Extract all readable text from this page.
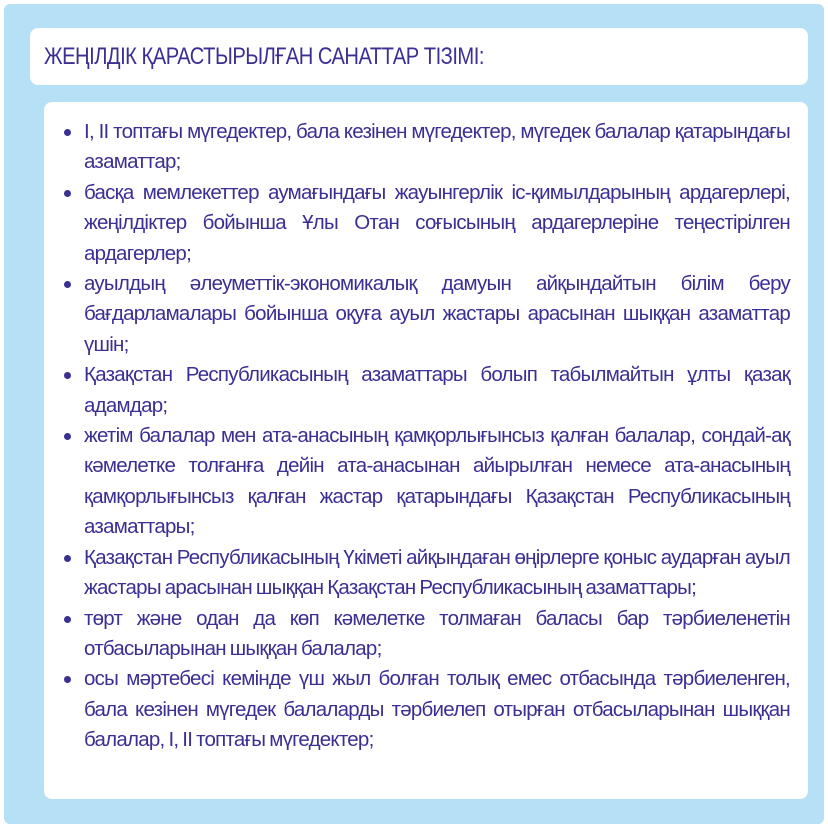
ЖЕҢІЛДІК ҚАРАСТЫРЫЛҒАН САНАТТАР ТІЗІМІ:
І, ІІ топтағы мүгедектер, бала кезінен мүгедектер, мүгедек балалар қатарындағы азаматтар;
басқа мемлекеттер аумағындағы жауынгерлік іс-қимылдарының ардагерлері, жеңілдіктер бойынша Ұлы Отан соғысының ардагерлеріне теңестірілген ардагерлер;
ауылдың әлеуметтік-экономикалық дамуын айқындайтын білім беру бағдарламалары бойынша оқуға ауыл жастары арасынан шыққан азаматтар үшін;
Қазақстан Республикасының азаматтары болып табылмайтын ұлты қазақ адамдар;
жетім балалар мен ата-анасының қамқорлығынсыз қалған балалар, сондай-ақ кәмелетке толғанға дейін ата-анасынан айырылған немесе ата-анасының қамқорлығынсыз қалған жастар қатарындағы Қазақстан Республикасының азаматтары;
Қазақстан Республикасының Үкіметі айқындаған өңірлерге қоныс аударған ауыл жастары арасынан шыққан Қазақстан Республикасының азаматтары;
төрт және одан да көп кәмелетке толмаған баласы бар тәрбиеленетін отбасыларынан шыққан балалар;
осы мәртебесі кемінде үш жыл болған толық емес отбасында тәрбиеленген, бала кезінен мүгедек балаларды тәрбиелеп отырған отбасыларынан шыққан балалар, І, ІІ топтағы мүгедектер;
